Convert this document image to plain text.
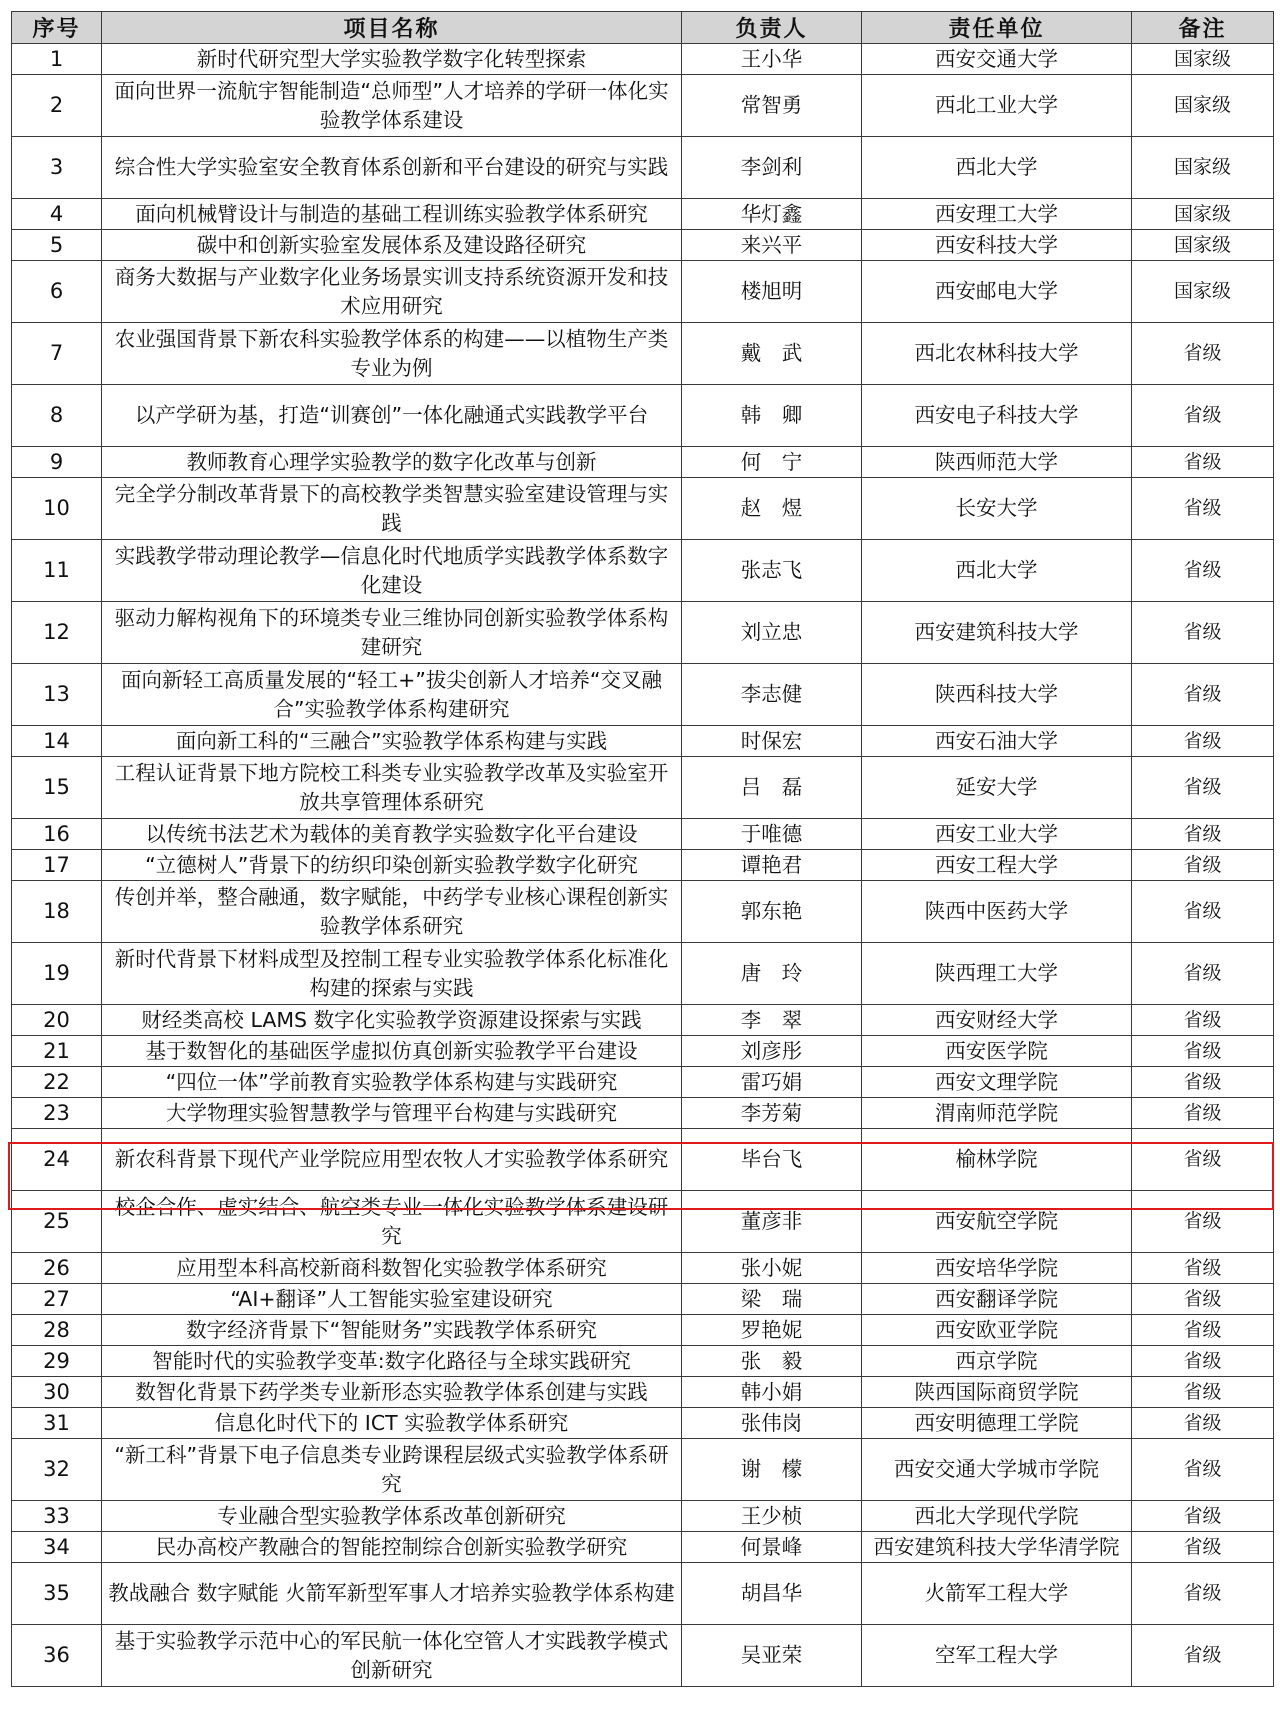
序号	项目名称	负责人	责任单位	备注
1	新时代研究型大学实验教学数字化转型探索	王小华	西安交通大学	国家级
2	面向世界一流航宇智能制造“总师型”人才培养的学研一体化实验教学体系建设	常智勇	西北工业大学	国家级
3	综合性大学实验室安全教育体系创新和平台建设的研究与实践	李剑利	西北大学	国家级
4	面向机械臂设计与制造的基础工程训练实验教学体系研究	华灯鑫	西安理工大学	国家级
5	碳中和创新实验室发展体系及建设路径研究	来兴平	西安科技大学	国家级
6	商务大数据与产业数字化业务场景实训支持系统资源开发和技术应用研究	楼旭明	西安邮电大学	国家级
7	农业强国背景下新农科实验教学体系的构建——以植物生产类专业为例	戴　武	西北农林科技大学	省级
8	以产学研为基，打造“训赛创”一体化融通式实践教学平台	韩　卿	西安电子科技大学	省级
9	教师教育心理学实验教学的数字化改革与创新	何　宁	陕西师范大学	省级
10	完全学分制改革背景下的高校教学类智慧实验室建设管理与实践	赵　煜	长安大学	省级
11	实践教学带动理论教学—信息化时代地质学实践教学体系数字化建设	张志飞	西北大学	省级
12	驱动力解构视角下的环境类专业三维协同创新实验教学体系构建研究	刘立忠	西安建筑科技大学	省级
13	面向新轻工高质量发展的“轻工+”拔尖创新人才培养“交叉融合”实验教学体系构建研究	李志健	陕西科技大学	省级
14	面向新工科的“三融合”实验教学体系构建与实践	时保宏	西安石油大学	省级
15	工程认证背景下地方院校工科类专业实验教学改革及实验室开放共享管理体系研究	吕　磊	延安大学	省级
16	以传统书法艺术为载体的美育教学实验数字化平台建设	于唯德	西安工业大学	省级
17	“立德树人”背景下的纺织印染创新实验教学数字化研究	谭艳君	西安工程大学	省级
18	传创并举，整合融通，数字赋能，中药学专业核心课程创新实验教学体系研究	郭东艳	陕西中医药大学	省级
19	新时代背景下材料成型及控制工程专业实验教学体系化标准化构建的探索与实践	唐　玲	陕西理工大学	省级
20	财经类高校 LAMS 数字化实验教学资源建设探索与实践	李　翠	西安财经大学	省级
21	基于数智化的基础医学虚拟仿真创新实验教学平台建设	刘彦彤	西安医学院	省级
22	“四位一体”学前教育实验教学体系构建与实践研究	雷巧娟	西安文理学院	省级
23	大学物理实验智慧教学与管理平台构建与实践研究	李芳菊	渭南师范学院	省级
24	新农科背景下现代产业学院应用型农牧人才实验教学体系研究	毕台飞	榆林学院	省级
25	校企合作、虚实结合、航空类专业一体化实验教学体系建设研究	董彦非	西安航空学院	省级
26	应用型本科高校新商科数智化实验教学体系研究	张小妮	西安培华学院	省级
27	“AI+翻译”人工智能实验室建设研究	梁　瑞	西安翻译学院	省级
28	数字经济背景下“智能财务”实践教学体系研究	罗艳妮	西安欧亚学院	省级
29	智能时代的实验教学变革:数字化路径与全球实践研究	张　毅	西京学院	省级
30	数智化背景下药学类专业新形态实验教学体系创建与实践	韩小娟	陕西国际商贸学院	省级
31	信息化时代下的 ICT 实验教学体系研究	张伟岗	西安明德理工学院	省级
32	“新工科”背景下电子信息类专业跨课程层级式实验教学体系研究	谢　檬	西安交通大学城市学院	省级
33	专业融合型实验教学体系改革创新研究	王少桢	西北大学现代学院	省级
34	民办高校产教融合的智能控制综合创新实验教学研究	何景峰	西安建筑科技大学华清学院	省级
35	教战融合 数字赋能 火箭军新型军事人才培养实验教学体系构建	胡昌华	火箭军工程大学	省级
36	基于实验教学示范中心的军民航一体化空管人才实践教学模式创新研究	吴亚荣	空军工程大学	省级
